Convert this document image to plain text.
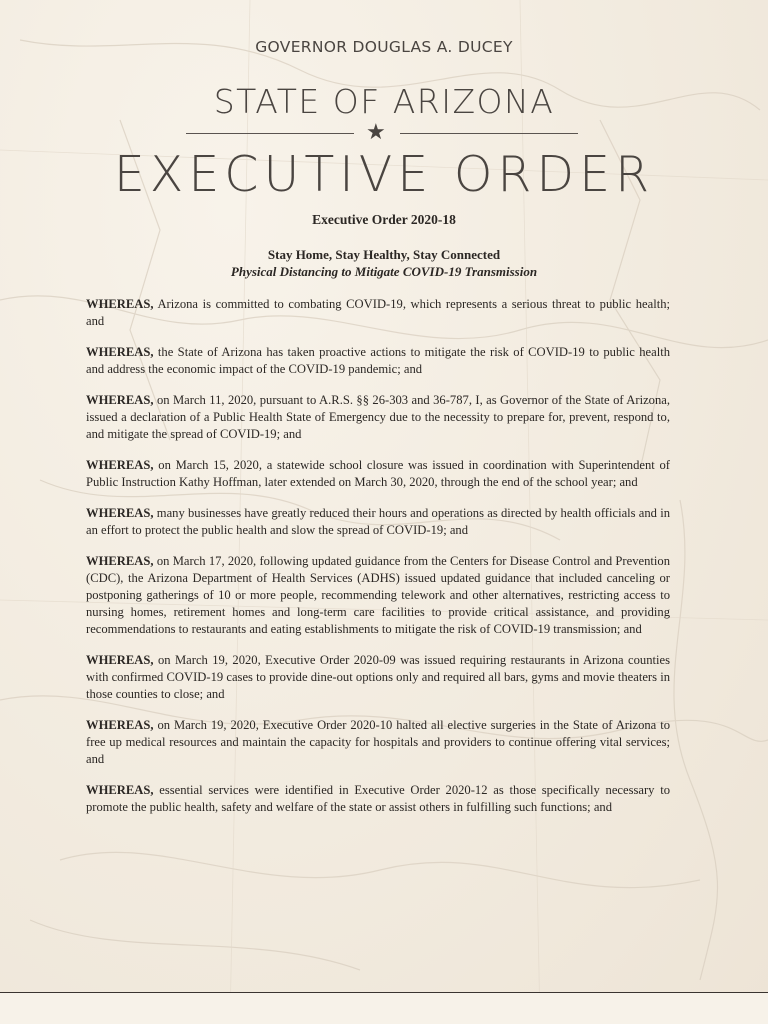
GOVERNOR DOUGLAS A. DUCEY
STATE OF ARIZONA
★
EXECUTIVE ORDER
Executive Order 2020-18
Stay Home, Stay Healthy, Stay Connected
Physical Distancing to Mitigate COVID-19 Transmission

WHEREAS, Arizona is committed to combating COVID-19, which represents a serious threat to public health; and

WHEREAS, the State of Arizona has taken proactive actions to mitigate the risk of COVID-19 to public health and address the economic impact of the COVID-19 pandemic; and

WHEREAS, on March 11, 2020, pursuant to A.R.S. §§ 26-303 and 36-787, I, as Governor of the State of Arizona, issued a declaration of a Public Health State of Emergency due to the necessity to prepare for, prevent, respond to, and mitigate the spread of COVID-19; and

WHEREAS, on March 15, 2020, a statewide school closure was issued in coordination with Superintendent of Public Instruction Kathy Hoffman, later extended on March 30, 2020, through the end of the school year; and

WHEREAS, many businesses have greatly reduced their hours and operations as directed by health officials and in an effort to protect the public health and slow the spread of COVID-19; and

WHEREAS, on March 17, 2020, following updated guidance from the Centers for Disease Control and Prevention (CDC), the Arizona Department of Health Services (ADHS) issued updated guidance that included canceling or postponing gatherings of 10 or more people, recommending telework and other alternatives, restricting access to nursing homes, retirement homes and long-term care facilities to provide critical assistance, and providing recommendations to restaurants and eating establishments to mitigate the risk of COVID-19 transmission; and

WHEREAS, on March 19, 2020, Executive Order 2020-09 was issued requiring restaurants in Arizona counties with confirmed COVID-19 cases to provide dine-out options only and required all bars, gyms and movie theaters in those counties to close; and

WHEREAS, on March 19, 2020, Executive Order 2020-10 halted all elective surgeries in the State of Arizona to free up medical resources and maintain the capacity for hospitals and providers to continue offering vital services; and

WHEREAS, essential services were identified in Executive Order 2020-12 as those specifically necessary to promote the public health, safety and welfare of the state or assist others in fulfilling such functions; and
